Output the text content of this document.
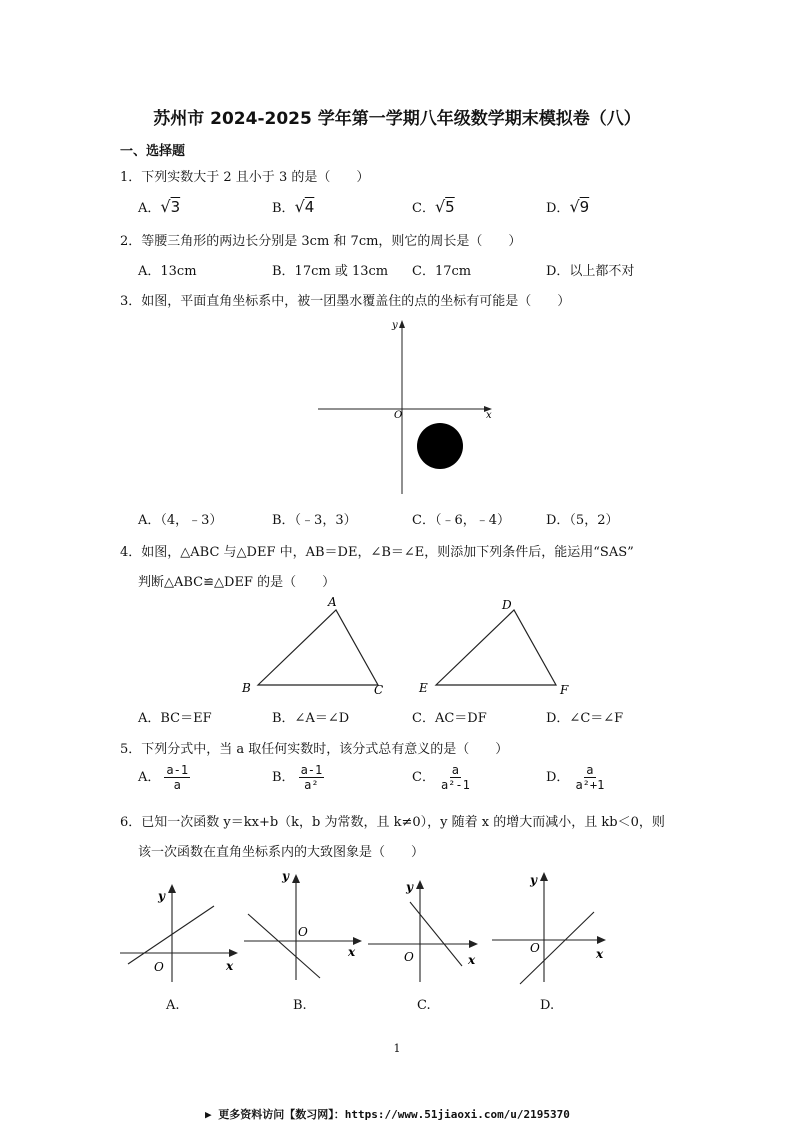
苏州市 2024-2025 学年第一学期八年级数学期末模拟卷（八）
一、选择题
1．下列实数大于 2 且小于 3 的是（　　）
A．√3	B．√4	C．√5	D．√9
2．等腰三角形的两边长分别是 3cm 和 7cm，则它的周长是（　　）
A．13cm	B．17cm 或 13cm C．17cm	D．以上都不对
3．如图，平面直角坐标系中，被一团墨水覆盖住的点的坐标有可能是（　　）
x
y
O
A．（4，﹣3）	B．（﹣3，3）	C．（﹣6，﹣4）	D．（5，2）
4．如图，△ABC 与△DEF 中，AB＝DE，∠B＝∠E，则添加下列条件后，能运用“SAS”
判断△ABC≌△DEF 的是（　　）
A
B	C
D
E	F
A．BC＝EF	B．∠A＝∠D	C．AC＝DF	D．∠C＝∠F
5．下列分式中，当 a 取任何实数时，该分式总有意义的是（　　）
A． $\frac{a-1}{a}$	B． $\frac{a-1}{\text{a²}}$	C． $\frac{a}{\text{a²-1}}$	D． $\frac{a}{\text{a²+1}}$
6．已知一次函数 y＝kx+b（k，b 为常数，且 k≠0），y 随着 x 的增大而减小，且 kb＜0，则
该一次函数在直角坐标系内的大致图象是（　　）
y
x
O
y
x
O
y
x
O
y
x
O
A.	B.	C.	D.
1
▶ 更多资料访问【数习网】：https://www.51jiaoxi.com/u/2195370
